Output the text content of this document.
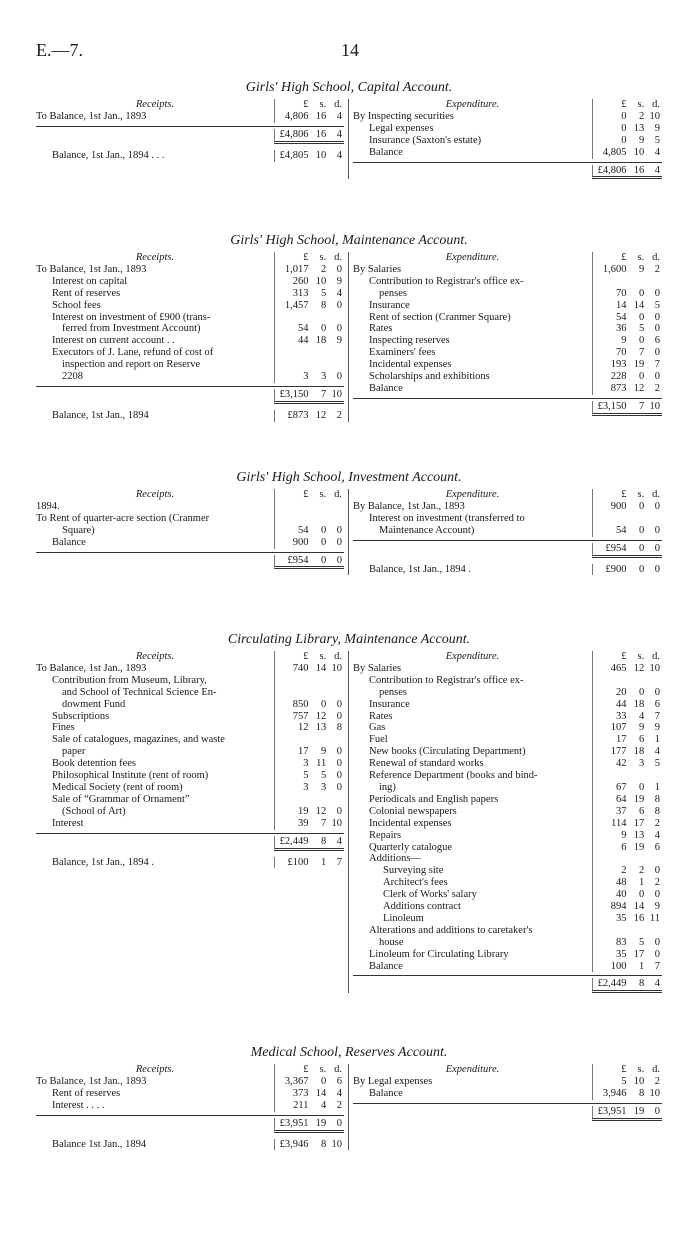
E.—7.	14
Girls' High School, Capital Account.
Receipts.	£	s. d.
To Balance, 1st Jan., 1893	4,806 16	4
£4,806 16	4
Balance, 1st Jan., 1894 . . .	£4,805 10	4
Expenditure.	£	s. d.
By Inspecting securities	0	2 10
Legal expenses	0 13	9
Insurance (Saxton's estate)	0	9	5
Balance	4,805 10	4
£4,806 16	4
Girls' High School, Maintenance Account.
Receipts.	£	s. d.
To Balance, 1st Jan., 1893	1,017	2	0
Interest on capital	260 10	9
Rent of reserves	313	5	4
School fees	1,457	8	0
Interest on investment of £900 (trans-
ferred from Investment Account)	54	0	0
Interest on current account . .	44 18	9
Executors of J. Lane, refund of cost of
inspection and report on Reserve
2208	3	3	0
£3,150	7 10
Balance, 1st Jan., 1894	£873 12	2
Expenditure.	£	s. d.
By Salaries	1,600	9	2
Contribution to Registrar's office ex-
penses	70	0	0
Insurance	14 14	5
Rent of section (Cranmer Square)	54	0	0
Rates	36	5	0
Inspecting reserves	9	0	6
Examiners' fees	70	7	0
Incidental expenses	193 19	7
Scholarships and exhibitions	228	0	0
Balance	873 12	2
£3,150	7 10
Girls' High School, Investment Account.
Receipts.	£	s. d.
1894.
To Rent of quarter-acre section (Cranmer
Square)	54	0	0
Balance	900	0	0
£954	0	0
Expenditure.	£	s. d.
By Balance, 1st Jan., 1893	900	0	0
Interest on investment (transferred to
Maintenance Account)	54	0	0
£954	0	0
Balance, 1st Jan., 1894 .	£900	0	0
Circulating Library, Maintenance Account.
Receipts.	£	s. d.
To Balance, 1st Jan., 1893	740 14 10
Contribution from Museum, Library,
and School of Technical Science En-
dowment Fund	850	0	0
Subscriptions	757 12	0
Fines	12 13	8
Sale of catalogues, magazines, and waste
paper	17	9	0
Book detention fees	3 11	0
Philosophical Institute (rent of room)	5	5	0
Medical Society (rent of room)	3	3	0
Sale of “Grammar of Ornament”
(School of Art)	19 12	0
Interest	39	7 10
£2,449	8	4
Balance, 1st Jan., 1894 .	£100	1	7
Expenditure.	£	s. d.
By Salaries	465 12 10
Contribution to Registrar's office ex-
penses	20	0	0
Insurance	44 18	6
Rates	33	4	7
Gas	107	9	9
Fuel	17	6	1
New books (Circulating Department)	177 18	4
Renewal of standard works	42	3	5
Reference Department (books and bind-
ing)	67	0	1
Periodicals and English papers	64 19	8
Colonial newspapers	37	6	8
Incidental expenses	114 17	2
Repairs	9 13	4
Quarterly catalogue	6 19	6
Additions—
Surveying site	2	2	0
Architect's fees	48	1	2
Clerk of Works' salary	40	0	0
Additions contract	894 14	9
Linoleum	35 16 11
Alterations and additions to caretaker's
house	83	5	0
Linoleum for Circulating Library	35 17	0
Balance	100	1	7
£2,449	8	4
Medical School, Reserves Account.
Receipts.	£	s. d.
To Balance, 1st Jan., 1893	3,367	0	6
Rent of reserves	373 14	4
Interest . . . .	211	4	2
£3,951 19	0
Balance 1st Jan., 1894	£3,946	8 10
Expenditure.	£	s. d.
By Legal expenses	5 10	2
Balance	3,946	8 10
£3,951 19	0
